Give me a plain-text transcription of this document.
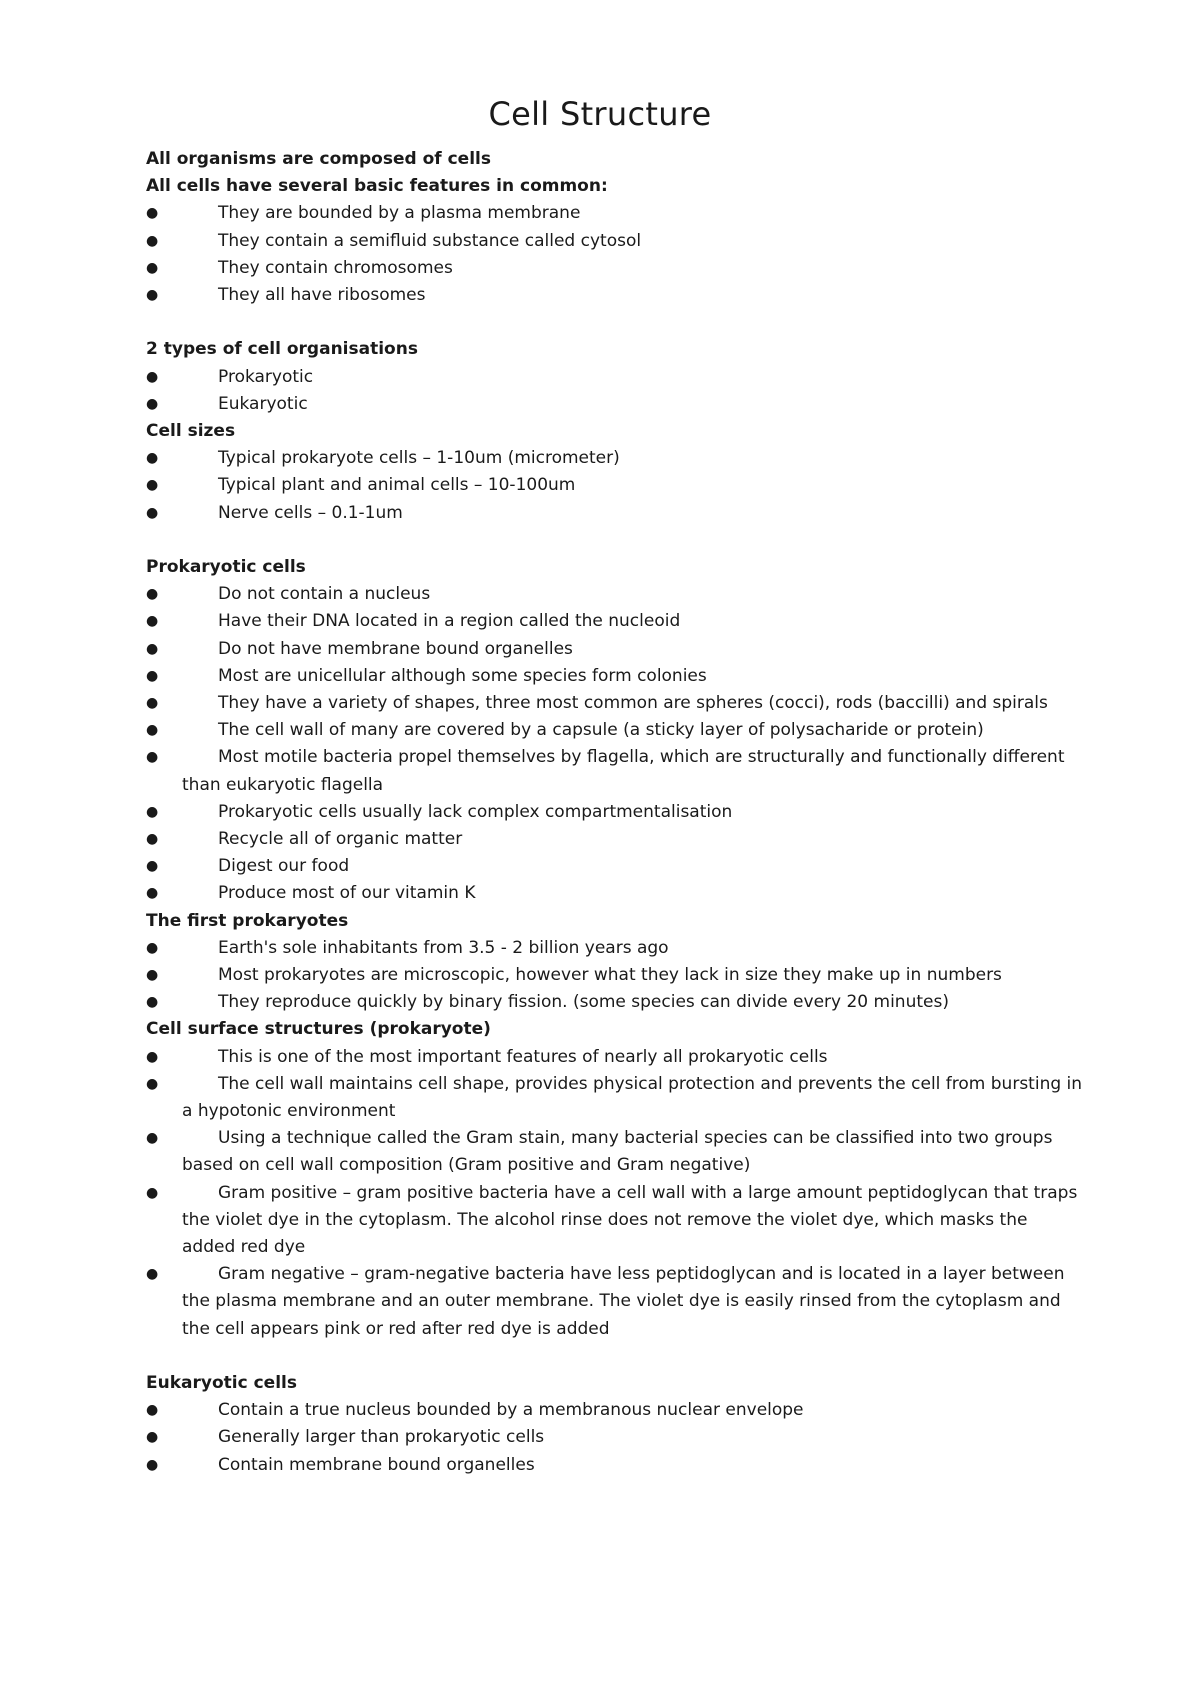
Cell Structure

All organisms are composed of cells

All cells have several basic features in common:

●	They are bounded by a plasma membrane
●	They contain a semifluid substance called cytosol
●	They contain chromosomes
●	They all have ribosomes

2 types of cell organisations

●	Prokaryotic
●	Eukaryotic

Cell sizes

●	Typical prokaryote cells – 1-10um (micrometer)
●	Typical plant and animal cells – 10-100um
●	Nerve cells – 0.1-1um

Prokaryotic cells

●	Do not contain a nucleus
●	Have their DNA located in a region called the nucleoid
●	Do not have membrane bound organelles
●	Most are unicellular although some species form colonies
●	They have a variety of shapes, three most common are spheres (cocci), rods (baccilli) and spirals
●	The cell wall of many are covered by a capsule (a sticky layer of polysacharide or protein)
●	Most motile bacteria propel themselves by flagella, which are structurally and functionally different than eukaryotic flagella
●	Prokaryotic cells usually lack complex compartmentalisation
●	Recycle all of organic matter
●	Digest our food
●	Produce most of our vitamin K

The first prokaryotes

●	Earth's sole inhabitants from 3.5 - 2 billion years ago
●	Most prokaryotes are microscopic, however what they lack in size they make up in numbers
●	They reproduce quickly by binary fission. (some species can divide every 20 minutes)

Cell surface structures (prokaryote)

●	This is one of the most important features of nearly all prokaryotic cells
●	The cell wall maintains cell shape, provides physical protection and prevents the cell from bursting in a hypotonic environment
●	Using a technique called the Gram stain, many bacterial species can be classified into two groups based on cell wall composition (Gram positive and Gram negative)
●	Gram positive – gram positive bacteria have a cell wall with a large amount peptidoglycan that traps the violet dye in the cytoplasm. The alcohol rinse does not remove the violet dye, which masks the added red dye
●	Gram negative – gram-negative bacteria have less peptidoglycan and is located in a layer between the plasma membrane and an outer membrane. The violet dye is easily rinsed from the cytoplasm and the cell appears pink or red after red dye is added

Eukaryotic cells

●	Contain a true nucleus bounded by a membranous nuclear envelope
●	Generally larger than prokaryotic cells
●	Contain membrane bound organelles
